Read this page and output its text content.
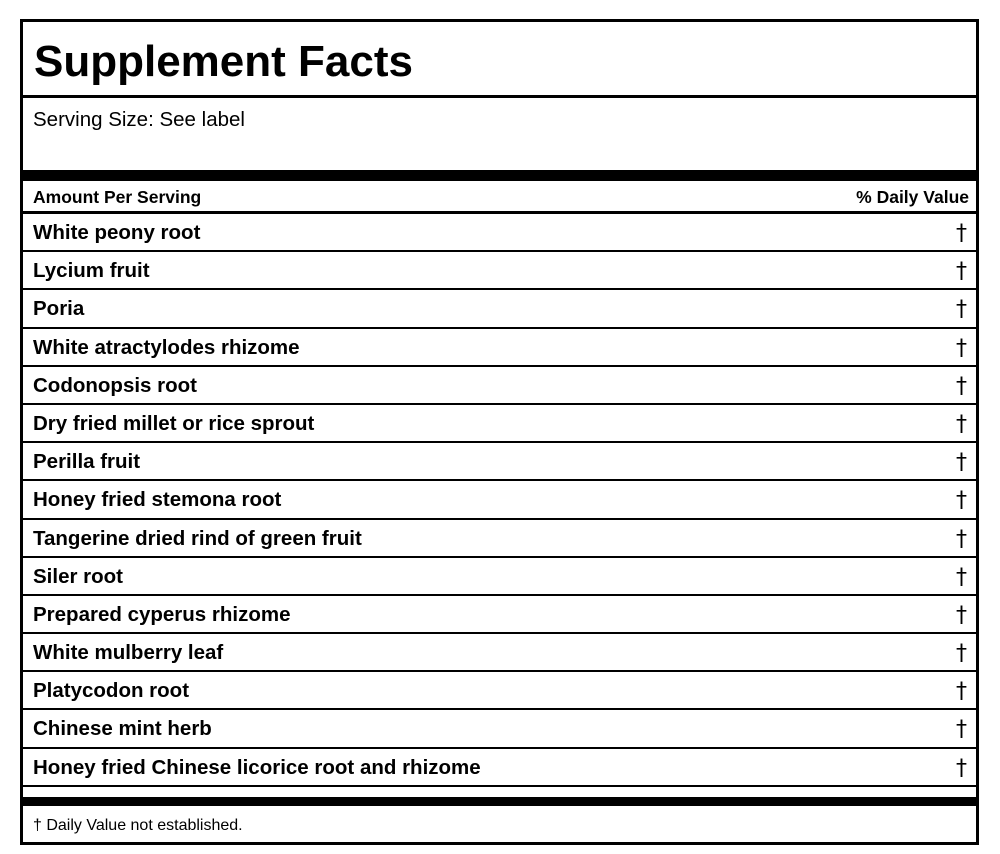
Supplement Facts
Serving Size: See label
Amount Per Serving	% Daily Value
White peony root	†
Lycium fruit	†
Poria	†
White atractylodes rhizome	†
Codonopsis root	†
Dry fried millet or rice sprout	†
Perilla fruit	†
Honey fried stemona root	†
Tangerine dried rind of green fruit	†
Siler root	†
Prepared cyperus rhizome	†
White mulberry leaf	†
Platycodon root	†
Chinese mint herb	†
Honey fried Chinese licorice root and rhizome	†
† Daily Value not established.
